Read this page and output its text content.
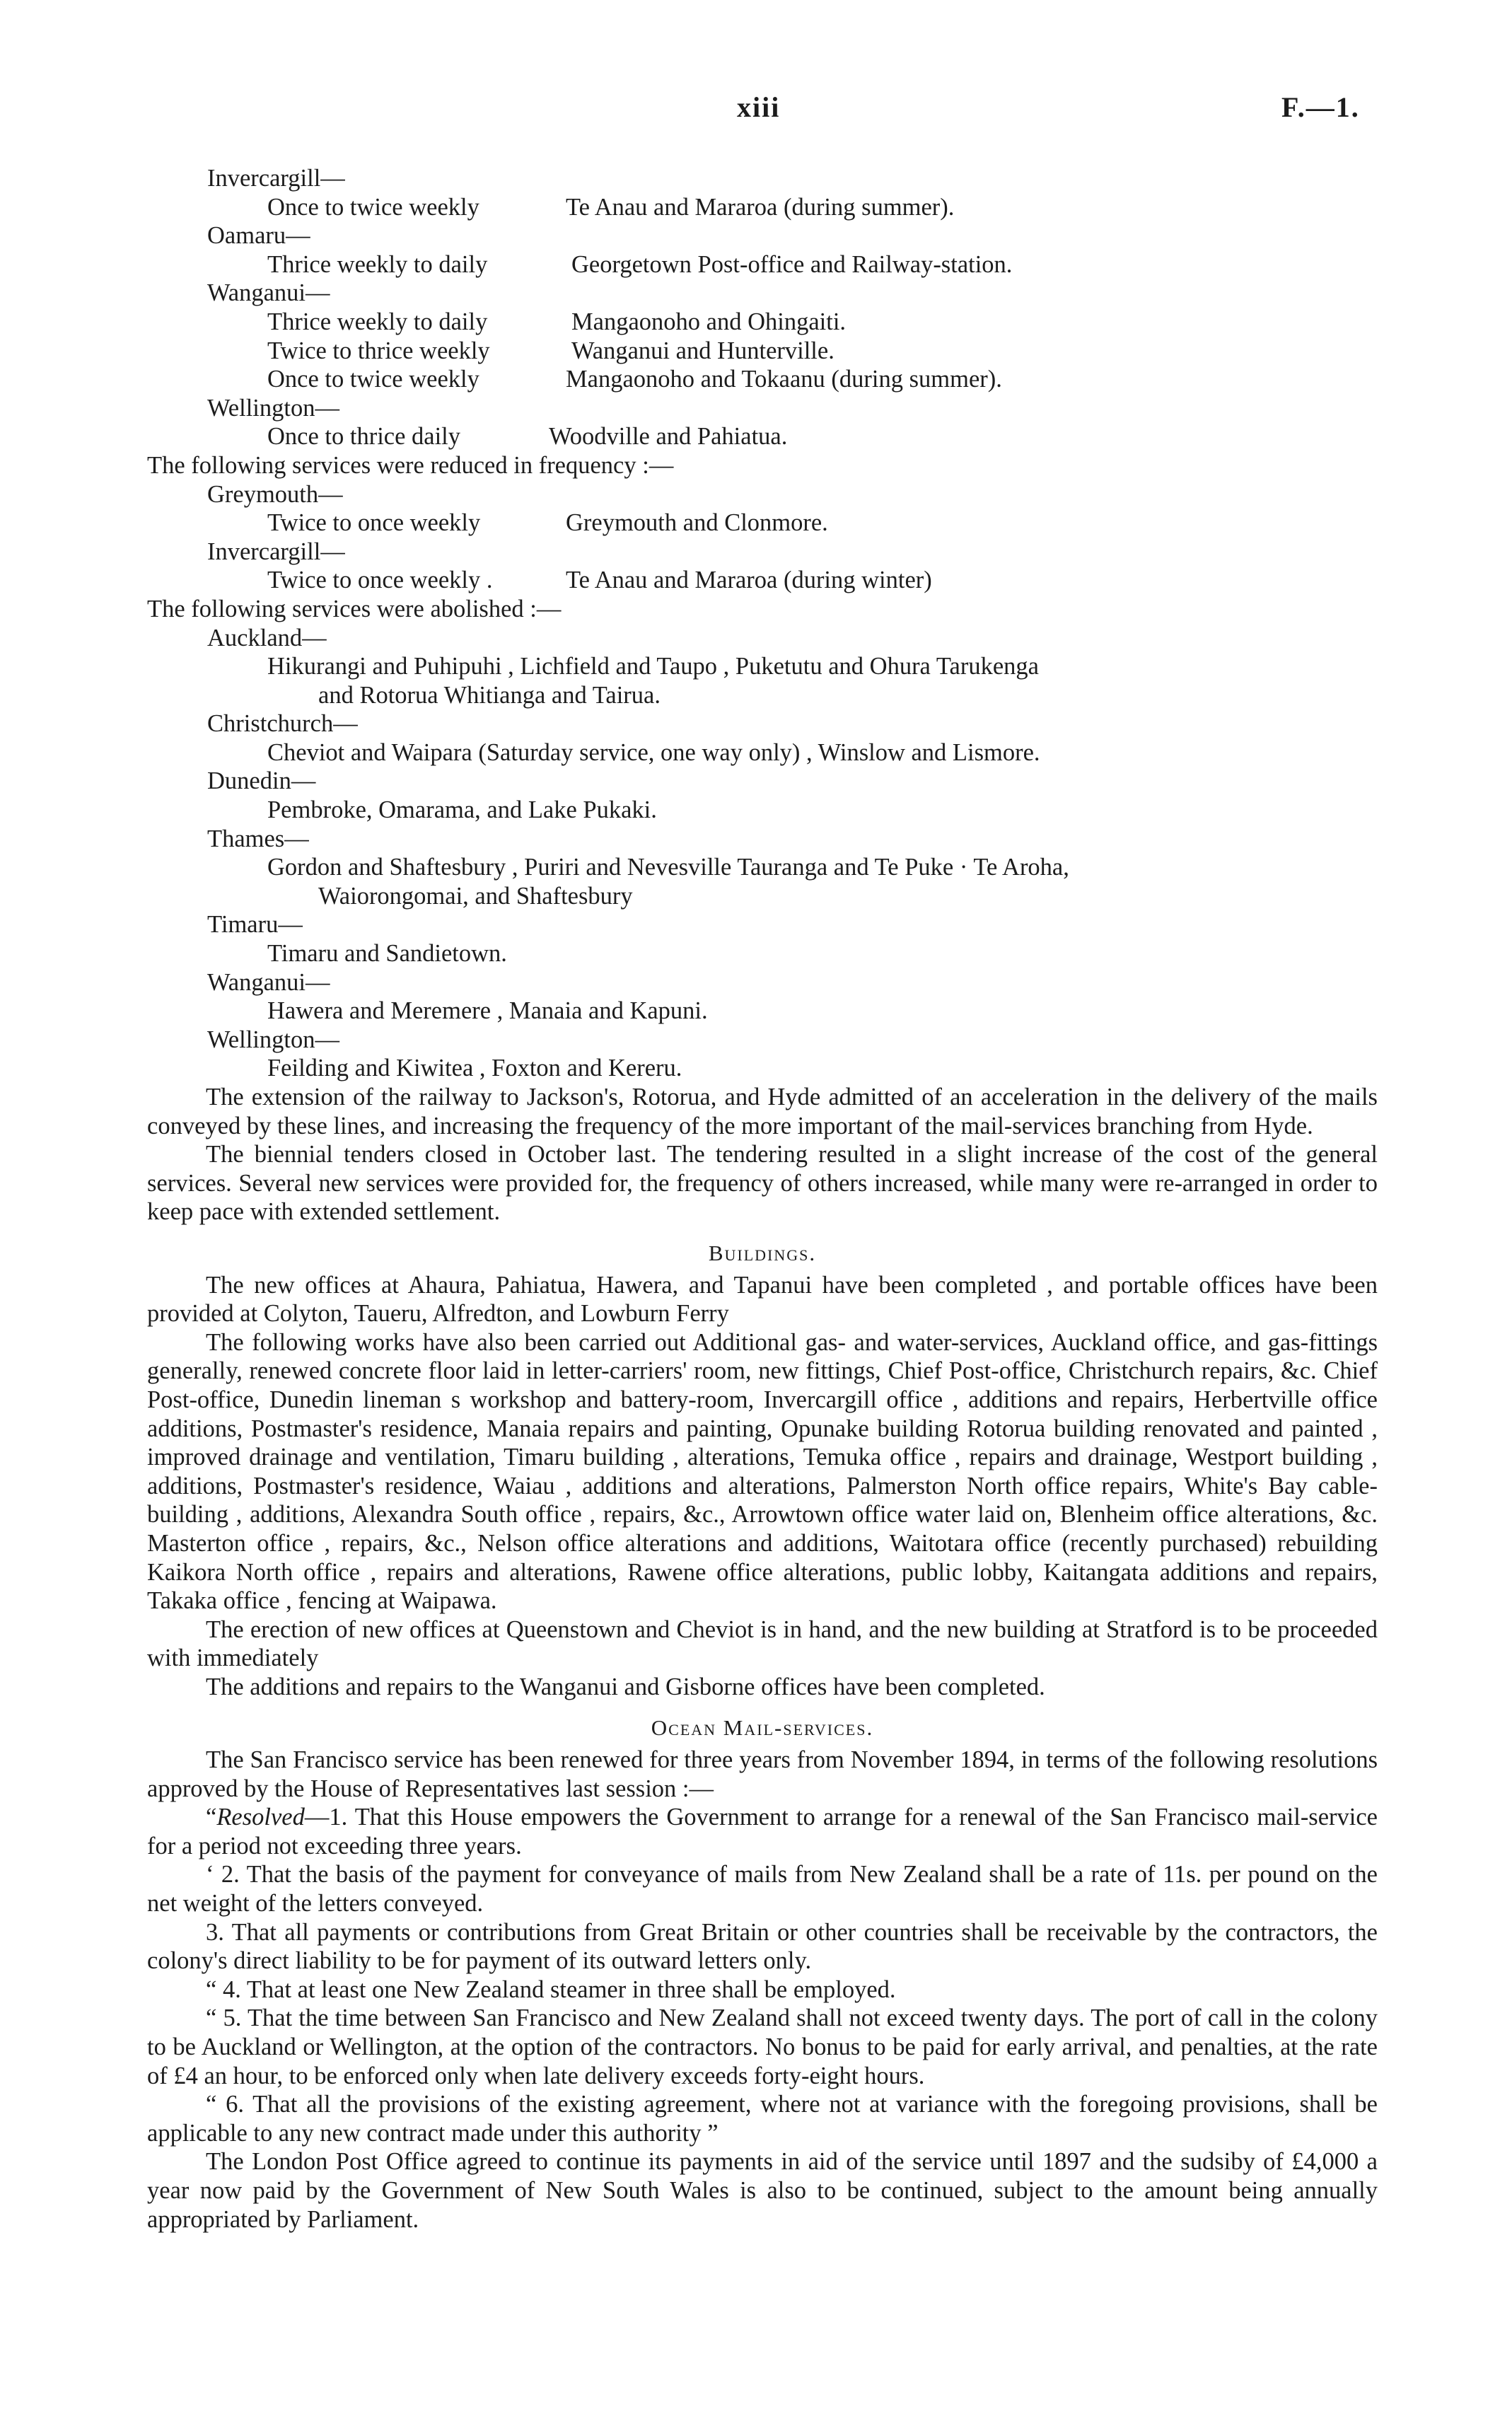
xiii	F.—1.
Invercargill—
Once to twice weekly	Te Anau and Mararoa (during summer).
Oamaru—
Thrice weekly to daily	Georgetown Post-office and Railway-station.
Wanganui—
Thrice weekly to daily	Mangaonoho and Ohingaiti.
Twice to thrice weekly	Wanganui and Hunterville.
Once to twice weekly	Mangaonoho and Tokaanu (during summer).
Wellington—
Once to thrice daily	Woodville and Pahiatua.
The following services were reduced in frequency :—
Greymouth—
Twice to once weekly	Greymouth and Clonmore.
Invercargill—
Twice to once weekly .	Te Anau and Mararoa (during winter)
The following services were abolished :—
Auckland—
Hikurangi and Puhipuhi , Lichfield and Taupo , Puketutu and Ohura Tarukenga
and Rotorua Whitianga and Tairua.
Christchurch—
Cheviot and Waipara (Saturday service, one way only) , Winslow and Lismore.
Dunedin—
Pembroke, Omarama, and Lake Pukaki.
Thames—
Gordon and Shaftesbury , Puriri and Nevesville Tauranga and Te Puke · Te Aroha,
Waiorongomai, and Shaftesbury
Timaru—
Timaru and Sandietown.
Wanganui—
Hawera and Meremere , Manaia and Kapuni.
Wellington—
Feilding and Kiwitea , Foxton and Kereru.

The extension of the railway to Jackson's, Rotorua, and Hyde admitted of an acceleration in the delivery of the mails conveyed by these lines, and increasing the frequency of the more important of the mail-services branching from Hyde.

The biennial tenders closed in October last. The tendering resulted in a slight increase of the cost of the general services. Several new services were provided for, the frequency of others increased, while many were re-arranged in order to keep pace with extended settlement.

Buildings.

The new offices at Ahaura, Pahiatua, Hawera, and Tapanui have been completed , and portable offices have been provided at Colyton, Taueru, Alfredton, and Lowburn Ferry

The following works have also been carried out Additional gas- and water-services, Auckland office, and gas-fittings generally, renewed concrete floor laid in letter-carriers' room, new fittings, Chief Post-office, Christchurch repairs, &c. Chief Post-office, Dunedin lineman s workshop and battery-room, Invercargill office , additions and repairs, Herbertville office additions, Postmaster's residence, Manaia repairs and painting, Opunake building Rotorua building renovated and painted , improved drainage and ventilation, Timaru building , alterations, Temuka office , repairs and drainage, Westport building , additions, Postmaster's residence, Waiau , additions and alterations, Palmerston North office repairs, White's Bay cable-building , additions, Alexandra South office , repairs, &c., Arrowtown office water laid on, Blenheim office alterations, &c. Masterton office , repairs, &c., Nelson office alterations and additions, Waitotara office (recently purchased) rebuilding Kaikora North office , repairs and alterations, Rawene office alterations, public lobby, Kaitangata additions and repairs, Takaka office , fencing at Waipawa.

The erection of new offices at Queenstown and Cheviot is in hand, and the new building at Stratford is to be proceeded with immediately

The additions and repairs to the Wanganui and Gisborne offices have been completed.

Ocean Mail-services.

The San Francisco service has been renewed for three years from November 1894, in terms of the following resolutions approved by the House of Representatives last session :—

“Resolved—1. That this House empowers the Government to arrange for a renewal of the San Francisco mail-service for a period not exceeding three years.

‘ 2. That the basis of the payment for conveyance of mails from New Zealand shall be a rate of 11s. per pound on the net weight of the letters conveyed.

3. That all payments or contributions from Great Britain or other countries shall be receivable by the contractors, the colony's direct liability to be for payment of its outward letters only.

“ 4. That at least one New Zealand steamer in three shall be employed.

“ 5. That the time between San Francisco and New Zealand shall not exceed twenty days. The port of call in the colony to be Auckland or Wellington, at the option of the contractors. No bonus to be paid for early arrival, and penalties, at the rate of £4 an hour, to be enforced only when late delivery exceeds forty-eight hours.

“ 6. That all the provisions of the existing agreement, where not at variance with the foregoing provisions, shall be applicable to any new contract made under this authority ”

The London Post Office agreed to continue its payments in aid of the service until 1897 and the sudsiby of £4,000 a year now paid by the Government of New South Wales is also to be continued, subject to the amount being annually appropriated by Parliament.
